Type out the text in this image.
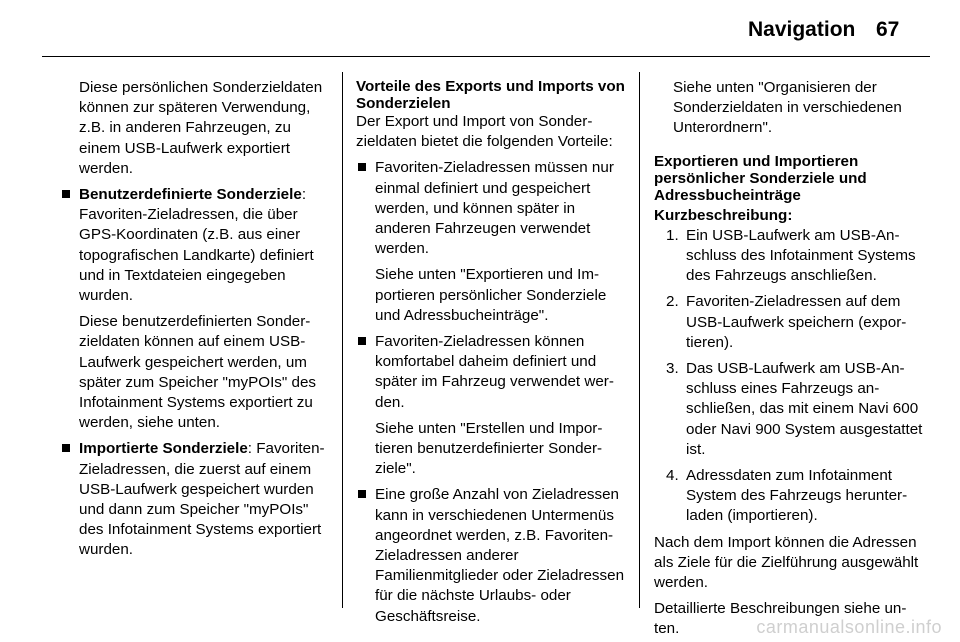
Navigation 67

Diese persönlichen Sonderzieldaten können zur späteren Verwendung, z.B. in anderen Fahrzeugen, zu einem USB-Laufwerk exportiert werden.

Benutzerdefinierte Sonderziele: Favoriten-Zieladressen, die über GPS-Koordinaten (z.B. aus einer topografischen Landkarte) definiert und in Textdateien eingegeben wurden.

Diese benutzerdefinierten Sonderzieldaten können auf einem USB-Laufwerk gespeichert werden, um später zum Speicher "myPOIs" des Infotainment Systems exportiert zu werden, siehe unten.

Importierte Sonderziele: Favoriten-Zieladressen, die zuerst auf einem USB-Laufwerk gespeichert wurden und dann zum Speicher "myPOIs" des Infotainment Systems exportiert wurden.

Vorteile des Exports und Imports von Sonderzielen

Der Export und Import von Sonderzieldaten bietet die folgenden Vorteile:

Favoriten-Zieladressen müssen nur einmal definiert und gespeichert werden, und können später in anderen Fahrzeugen verwendet werden.

Siehe unten "Exportieren und Importieren persönlicher Sonderziele und Adressbucheinträge".

Favoriten-Zieladressen können komfortabel daheim definiert und später im Fahrzeug verwendet werden.

Siehe unten "Erstellen und Importieren benutzerdefinierter Sonderziele".

Eine große Anzahl von Zieladressen kann in verschiedenen Untermenüs angeordnet werden, z.B. Favoriten-Zieladressen anderer Familienmitglieder oder Zieladressen für die nächste Urlaubs- oder Geschäftsreise.

Siehe unten "Organisieren der Sonderzieldaten in verschiedenen Unterordnern".

Exportieren und Importieren persönlicher Sonderziele und Adressbucheinträge

Kurzbeschreibung:

1. Ein USB-Laufwerk am USB-Anschluss des Infotainment Systems des Fahrzeugs anschließen.
2. Favoriten-Zieladressen auf dem USB-Laufwerk speichern (exportieren).
3. Das USB-Laufwerk am USB-Anschluss eines Fahrzeugs anschließen, das mit einem Navi 600 oder Navi 900 System ausgestattet ist.
4. Adressdaten zum Infotainment System des Fahrzeugs herunterladen (importieren).

Nach dem Import können die Adressen als Ziele für die Zielführung ausgewählt werden.

Detaillierte Beschreibungen siehe unten.	carmanualsonline.info
